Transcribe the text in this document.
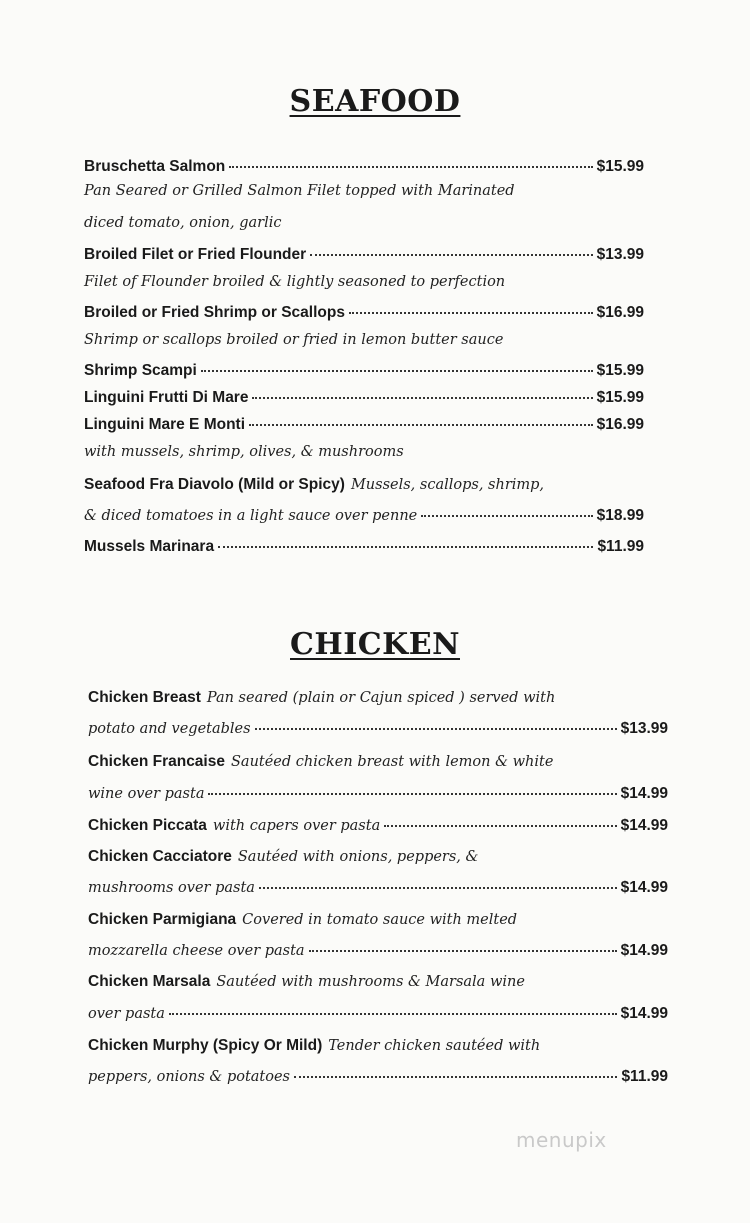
SEAFOOD
Bruschetta Salmon	$15.99
Pan Seared or Grilled Salmon Filet topped with Marinated
diced tomato, onion, garlic
Broiled Filet or Fried Flounder	$13.99
Filet of Flounder broiled & lightly seasoned to perfection
Broiled or Fried Shrimp or Scallops	$16.99
Shrimp or scallops broiled or fried in lemon butter sauce
Shrimp Scampi	$15.99
Linguini Frutti Di Mare	$15.99
Linguini Mare E Monti	$16.99
with mussels, shrimp, olives, & mushrooms
Seafood Fra Diavolo (Mild or Spicy) Mussels, scallops, shrimp,
& diced tomatoes in a light sauce over penne	$18.99
Mussels Marinara	$11.99
CHICKEN
Chicken Breast Pan seared (plain or Cajun spiced ) served with
potato and vegetables	$13.99
Chicken Francaise Sautéed chicken breast with lemon & white
wine over pasta	$14.99
Chicken Piccata with capers over pasta	$14.99
Chicken Cacciatore Sautéed with onions, peppers, &
mushrooms over pasta	$14.99
Chicken Parmigiana Covered in tomato sauce with melted
mozzarella cheese over pasta	$14.99
Chicken Marsala Sautéed with mushrooms & Marsala wine
over pasta	$14.99
Chicken Murphy (Spicy Or Mild) Tender chicken sautéed with
peppers, onions & potatoes	$11.99
menupix
